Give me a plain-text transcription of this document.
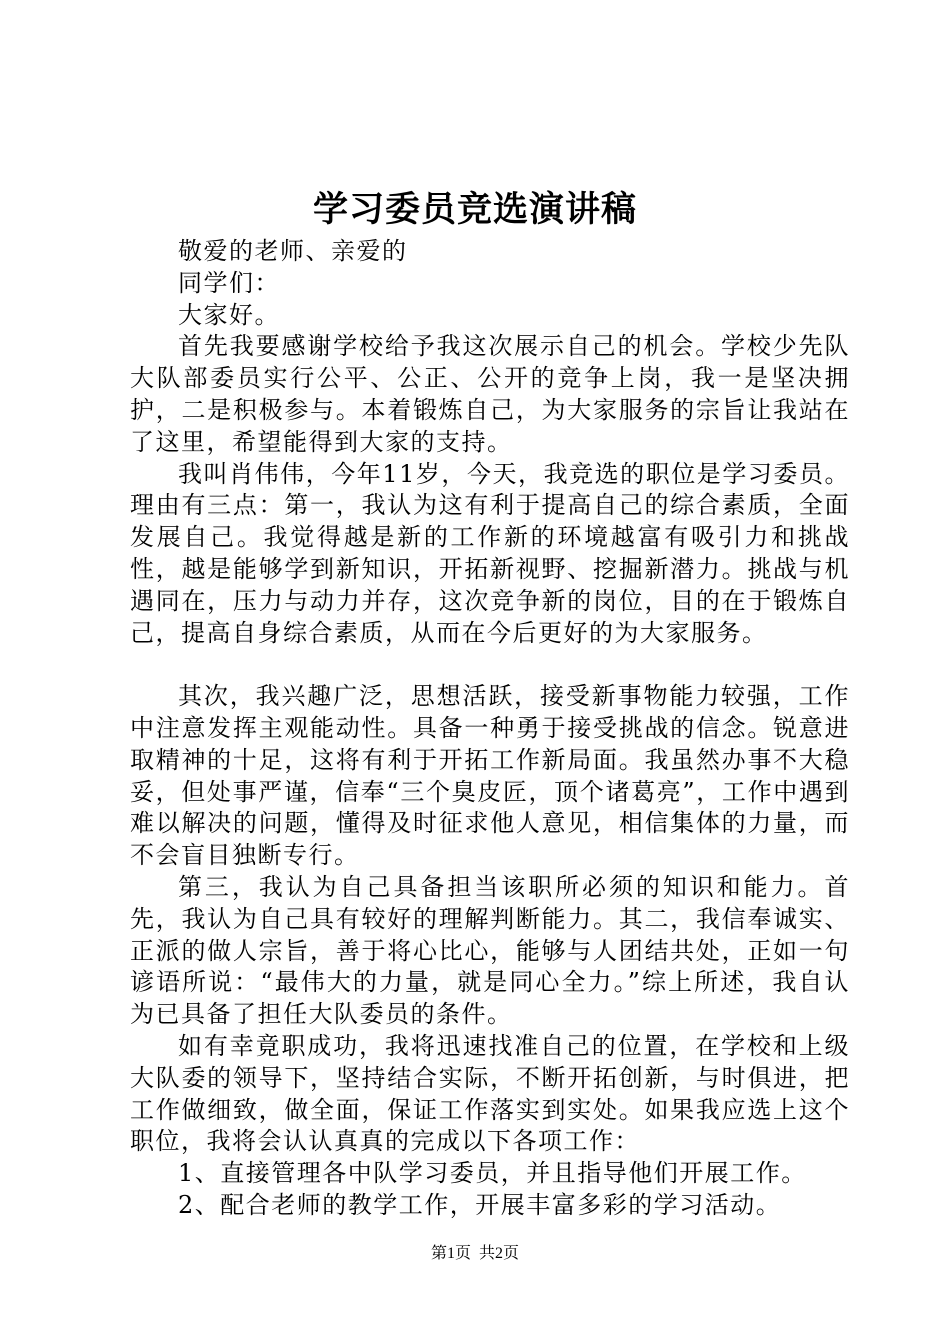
学习委员竞选演讲稿

敬爱的老师、亲爱的

同学们：

大家好。

首先我要感谢学校给予我这次展示自己的机会。学校少先队大队部委员实行公平、公正、公开的竞争上岗，我一是坚决拥护，二是积极参与。本着锻炼自己，为大家服务的宗旨让我站在了这里，希望能得到大家的支持。

我叫肖伟伟，今年11岁，今天，我竞选的职位是学习委员。理由有三点：第一，我认为这有利于提高自己的综合素质，全面发展自己。我觉得越是新的工作新的环境越富有吸引力和挑战性，越是能够学到新知识，开拓新视野、挖掘新潜力。挑战与机遇同在，压力与动力并存，这次竞争新的岗位，目的在于锻炼自己，提高自身综合素质，从而在今后更好的为大家服务。

其次，我兴趣广泛，思想活跃，接受新事物能力较强，工作中注意发挥主观能动性。具备一种勇于接受挑战的信念。锐意进取精神的十足，这将有利于开拓工作新局面。我虽然办事不大稳妥，但处事严谨，信奉“三个臭皮匠，顶个诸葛亮”，工作中遇到难以解决的问题，懂得及时征求他人意见，相信集体的力量，而不会盲目独断专行。

第三，我认为自己具备担当该职所必须的知识和能力。首先，我认为自己具有较好的理解判断能力。其二，我信奉诚实、正派的做人宗旨，善于将心比心，能够与人团结共处，正如一句谚语所说：“最伟大的力量，就是同心全力。”综上所述，我自认为已具备了担任大队委员的条件。

如有幸竟职成功，我将迅速找准自己的位置，在学校和上级大队委的领导下，坚持结合实际，不断开拓创新，与时俱进，把工作做细致，做全面，保证工作落实到实处。如果我应选上这个职位，我将会认认真真的完成以下各项工作：

1、直接管理各中队学习委员，并且指导他们开展工作。

2、配合老师的教学工作，开展丰富多彩的学习活动。

第1页  共2页
